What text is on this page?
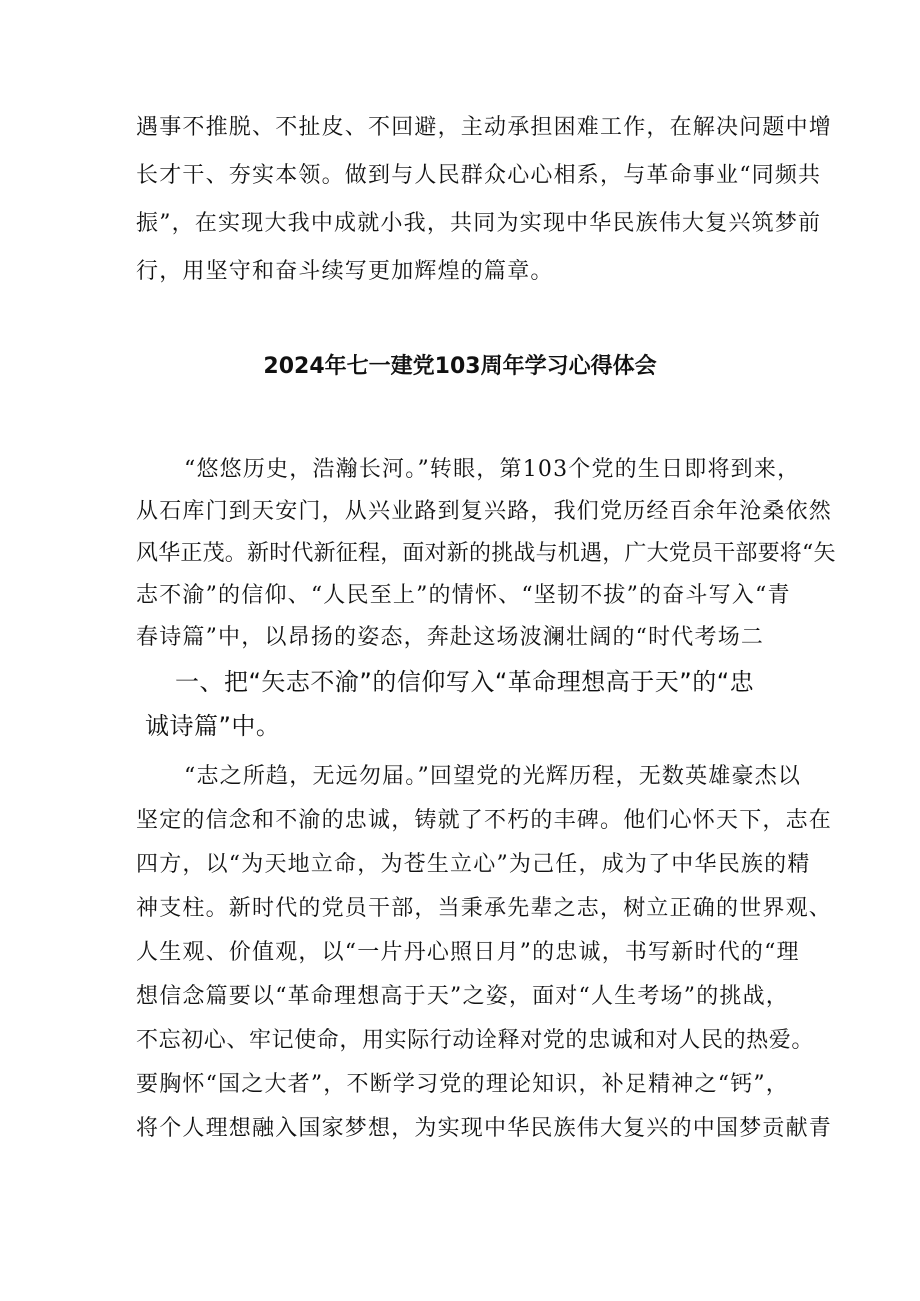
遇事不推脱、不扯皮、不回避，主动承担困难工作，在解决问题中增
长才干、夯实本领。做到与人民群众心心相系，与革命事业“同频共
振”，在实现大我中成就小我，共同为实现中华民族伟大复兴筑梦前
行，用坚守和奋斗续写更加辉煌的篇章。
2024年七一建党103周年学习心得体会
“悠悠历史，浩瀚长河。”转眼，第103个党的生日即将到来，
从石库门到天安门，从兴业路到复兴路，我们党历经百余年沧桑依然
风华正茂。新时代新征程，面对新的挑战与机遇，广大党员干部要将“矢
志不渝”的信仰、“人民至上”的情怀、“坚韧不拔”的奋斗写入“青
春诗篇”中，以昂扬的姿态，奔赴这场波澜壮阔的“时代考场二
一、把“矢志不渝”的信仰写入“革命理想高于天”的“忠
诚诗篇”中。
“志之所趋，无远勿届。”回望党的光辉历程，无数英雄豪杰以
坚定的信念和不渝的忠诚，铸就了不朽的丰碑。他们心怀天下，志在
四方，以“为天地立命，为苍生立心”为己任，成为了中华民族的精
神支柱。新时代的党员干部，当秉承先辈之志，树立正确的世界观、
人生观、价值观，以“一片丹心照日月”的忠诚，书写新时代的“理
想信念篇要以“革命理想高于天”之姿，面对“人生考场”的挑战，
不忘初心、牢记使命，用实际行动诠释对党的忠诚和对人民的热爱。
要胸怀“国之大者”，不断学习党的理论知识，补足精神之“钙”，
将个人理想融入国家梦想，为实现中华民族伟大复兴的中国梦贡献青
